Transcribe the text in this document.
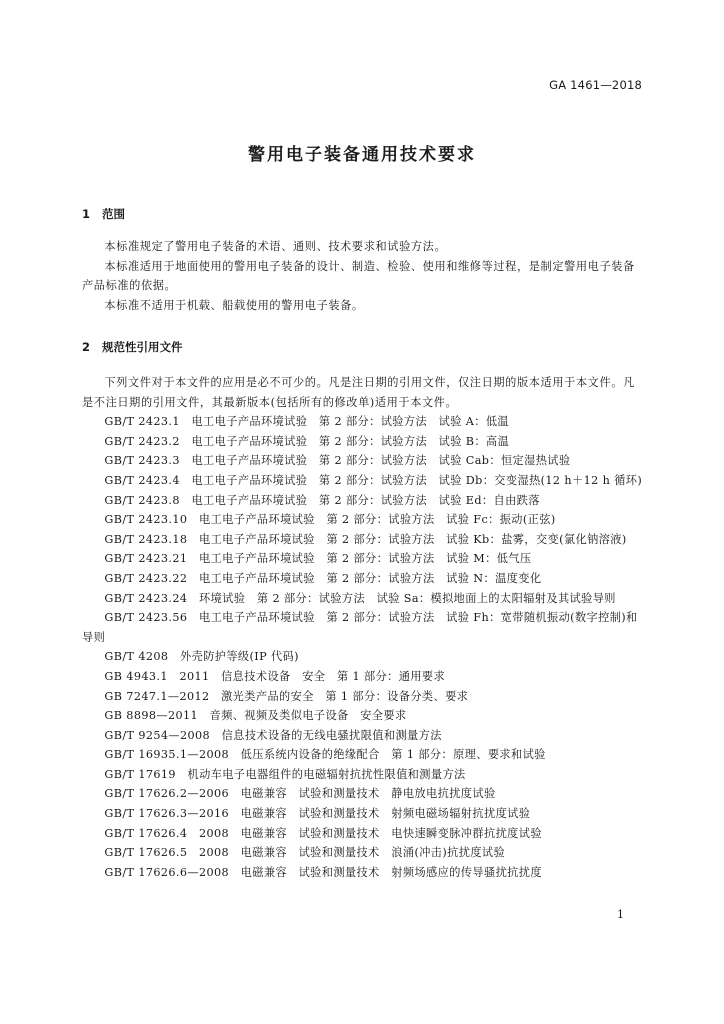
GA 1461—2018
警用电子装备通用技术要求
1 范围

本标准规定了警用电子装备的术语、通则、技术要求和试验方法。

本标准适用于地面使用的警用电子装备的设计、制造、检验、使用和维修等过程，是制定警用电子装备产品标准的依据。

本标准不适用于机载、船载使用的警用电子装备。

2 规范性引用文件

下列文件对于本文件的应用是必不可少的。凡是注日期的引用文件，仅注日期的版本适用于本文件。凡是不注日期的引用文件，其最新版本(包括所有的修改单)适用于本文件。

GB/T 2423.1　电工电子产品环境试验　第 2 部分：试验方法　试验 A：低温
GB/T 2423.2　电工电子产品环境试验　第 2 部分：试验方法　试验 B：高温
GB/T 2423.3　电工电子产品环境试验　第 2 部分：试验方法　试验 Cab：恒定湿热试验
GB/T 2423.4　电工电子产品环境试验　第 2 部分：试验方法　试验 Db：交变湿热(12 h＋12 h 循环)
GB/T 2423.8　电工电子产品环境试验　第 2 部分：试验方法　试验 Ed：自由跌落
GB/T 2423.10　电工电子产品环境试验　第 2 部分：试验方法　试验 Fc：振动(正弦)
GB/T 2423.18　电工电子产品环境试验　第 2 部分：试验方法　试验 Kb：盐雾，交变(氯化钠溶液)
GB/T 2423.21　电工电子产品环境试验　第 2 部分：试验方法　试验 M：低气压
GB/T 2423.22　电工电子产品环境试验　第 2 部分：试验方法　试验 N：温度变化
GB/T 2423.24　环境试验　第 2 部分：试验方法　试验 Sa：模拟地面上的太阳辐射及其试验导则
GB/T 2423.56　电工电子产品环境试验　第 2 部分：试验方法　试验 Fh：宽带随机振动(数字控制)和导则
GB/T 4208　外壳防护等级(IP 代码)
GB 4943.1　2011　信息技术设备　安全　第 1 部分：通用要求
GB 7247.1—2012　激光类产品的安全　第 1 部分：设备分类、要求
GB 8898—2011　音频、视频及类似电子设备　安全要求
GB/T 9254—2008　信息技术设备的无线电骚扰限值和测量方法
GB/T 16935.1—2008　低压系统内设备的绝缘配合　第 1 部分：原理、要求和试验
GB/T 17619　机动车电子电器组件的电磁辐射抗扰性限值和测量方法
GB/T 17626.2—2006　电磁兼容　试验和测量技术　静电放电抗扰度试验
GB/T 17626.3—2016　电磁兼容　试验和测量技术　射频电磁场辐射抗扰度试验
GB/T 17626.4　2008　电磁兼容　试验和测量技术　电快速瞬变脉冲群抗扰度试验
GB/T 17626.5　2008　电磁兼容　试验和测量技术　浪涌(冲击)抗扰度试验
GB/T 17626.6—2008　电磁兼容　试验和测量技术　射频场感应的传导骚扰抗扰度
1
